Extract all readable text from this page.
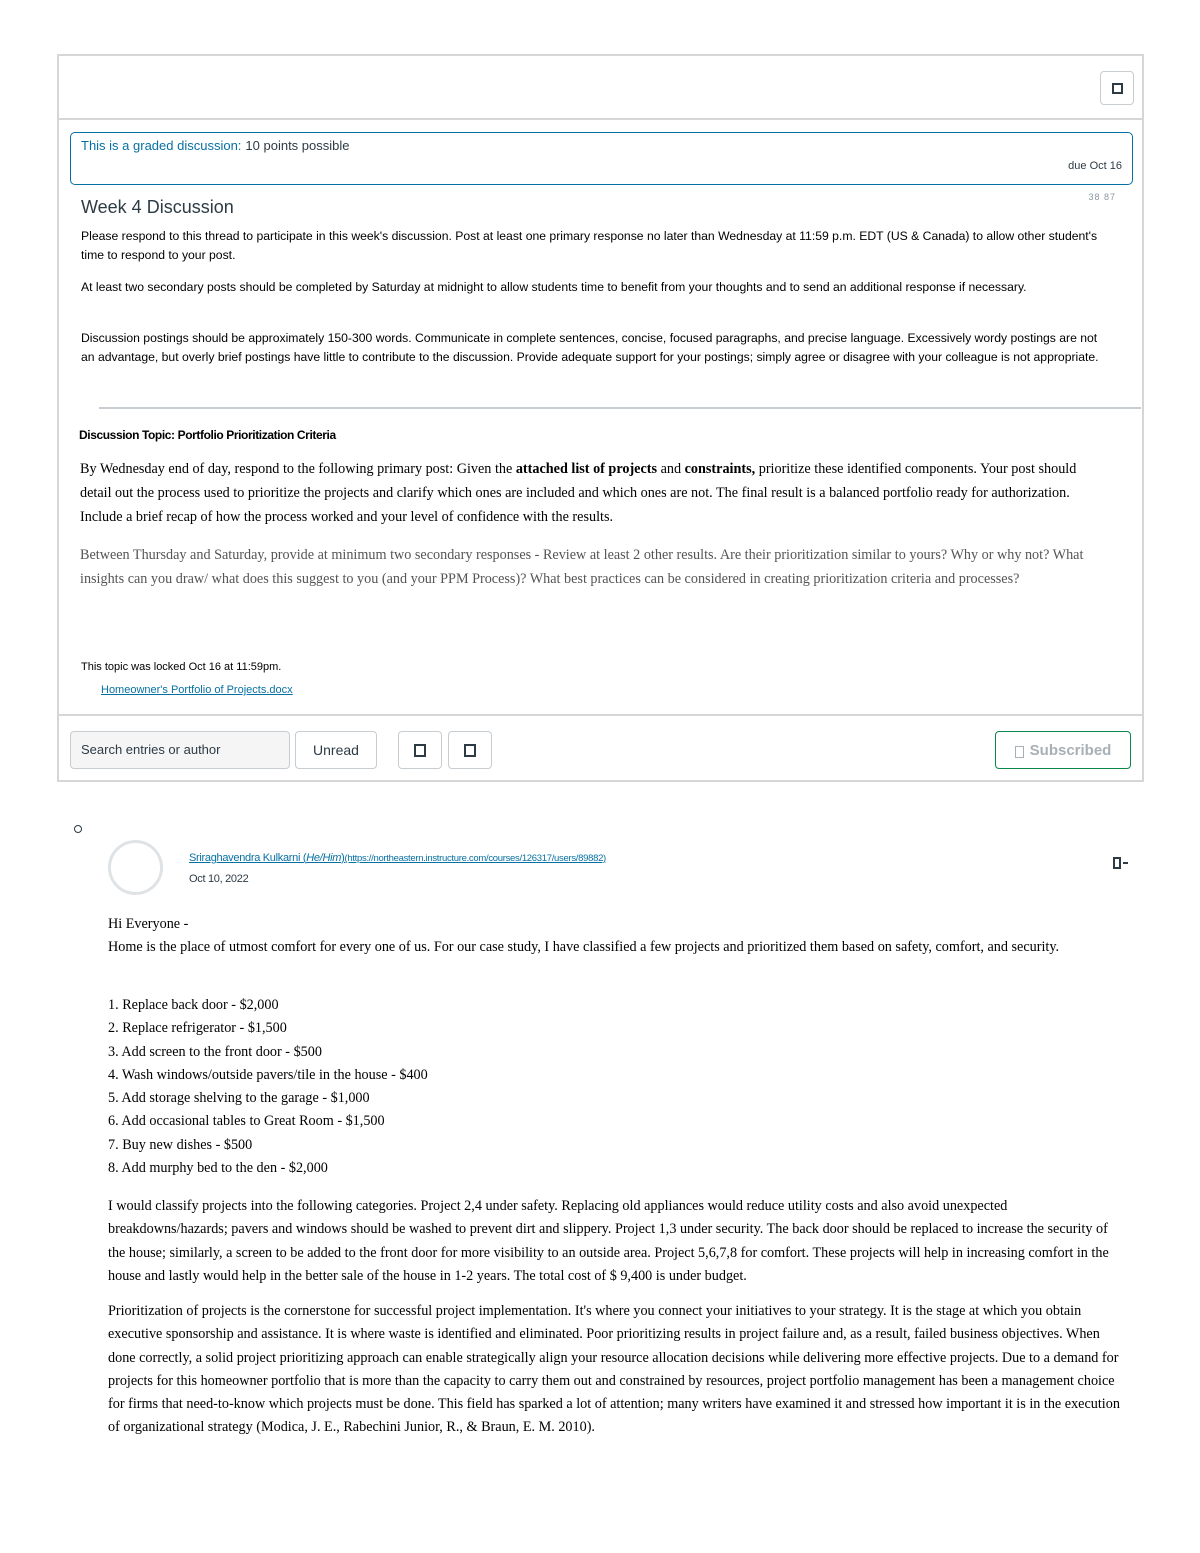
This is a graded discussion: 10 points possible
due Oct 16
38 87
Week 4 Discussion
Please respond to this thread to participate in this week's discussion. Post at least one primary response no later than Wednesday at 11:59 p.m. EDT (US & Canada) to allow other student's time to respond to your post.
At least two secondary posts should be completed by Saturday at midnight to allow students time to benefit from your thoughts and to send an additional response if necessary.
Discussion postings should be approximately 150-300 words. Communicate in complete sentences, concise, focused paragraphs, and precise language. Excessively wordy postings are not an advantage, but overly brief postings have little to contribute to the discussion. Provide adequate support for your postings; simply agree or disagree with your colleague is not appropriate.
Discussion Topic: Portfolio Prioritization Criteria
By Wednesday end of day, respond to the following primary post: Given the attached list of projects and constraints, prioritize these identified components. Your post should detail out the process used to prioritize the projects and clarify which ones are included and which ones are not. The final result is a balanced portfolio ready for authorization. Include a brief recap of how the process worked and your level of confidence with the results.
Between Thursday and Saturday, provide at minimum two secondary responses - Review at least 2 other results. Are their prioritization similar to yours? Why or why not? What insights can you draw/ what does this suggest to you (and your PPM Process)? What best practices can be considered in creating prioritization criteria and processes?
This topic was locked Oct 16 at 11:59pm.
Homeowner's Portfolio of Projects.docx
Search entries or author	Unread	Subscribed
Sriraghavendra Kulkarni (He/Him)(https://northeastern.instructure.com/courses/126317/users/89882)
Oct 10, 2022

Hi Everyone -

Home is the place of utmost comfort for every one of us. For our case study, I have classified a few projects and prioritized them based on safety, comfort, and security.

1. Replace back door - $2,000
2. Replace refrigerator - $1,500
3. Add screen to the front door - $500
4. Wash windows/outside pavers/tile in the house - $400
5. Add storage shelving to the garage - $1,000
6. Add occasional tables to Great Room - $1,500
7. Buy new dishes - $500
8. Add murphy bed to the den - $2,000
I would classify projects into the following categories. Project 2,4 under safety. Replacing old appliances would reduce utility costs and also avoid unexpected breakdowns/hazards; pavers and windows should be washed to prevent dirt and slippery. Project 1,3 under security. The back door should be replaced to increase the security of the house; similarly, a screen to be added to the front door for more visibility to an outside area. Project 5,6,7,8 for comfort. These projects will help in increasing comfort in the house and lastly would help in the better sale of the house in 1-2 years. The total cost of $ 9,400 is under budget.
Prioritization of projects is the cornerstone for successful project implementation. It's where you connect your initiatives to your strategy. It is the stage at which you obtain executive sponsorship and assistance. It is where waste is identified and eliminated. Poor prioritizing results in project failure and, as a result, failed business objectives. When done correctly, a solid project prioritizing approach can enable strategically align your resource allocation decisions while delivering more effective projects. Due to a demand for projects for this homeowner portfolio that is more than the capacity to carry them out and constrained by resources, project portfolio management has been a management choice for firms that need-to-know which projects must be done. This field has sparked a lot of attention; many writers have examined it and stressed how important it is in the execution of organizational strategy (Modica, J. E., Rabechini Junior, R., & Braun, E. M. 2010).
